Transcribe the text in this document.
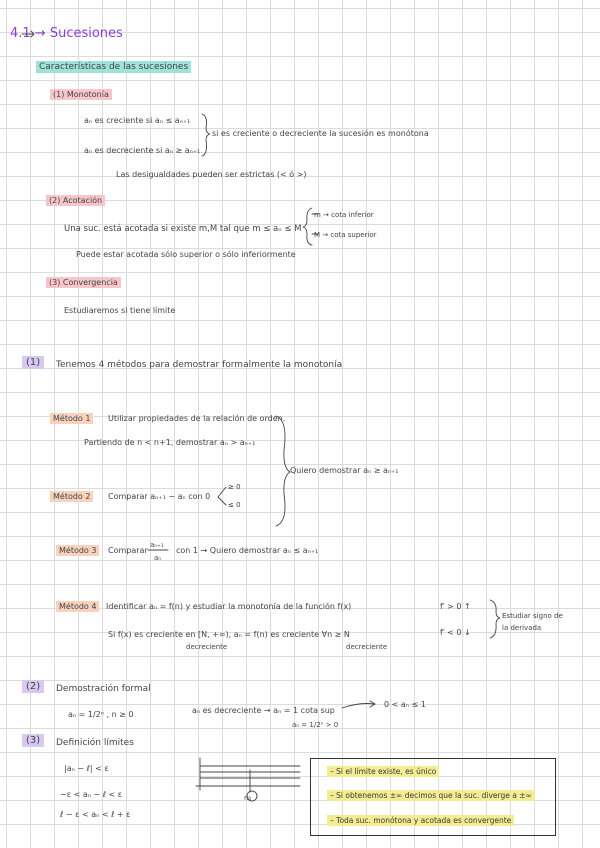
4.1 → Sucesiones
Características de las sucesiones
(1) Monotonía
aₙ es creciente si aₙ ≤ aₙ₊₁
aₙ es decreciente si aₙ ≥ aₙ₊₁
si es creciente o decreciente la sucesión es monótona
Las desigualdades pueden ser estrictas (< ó >)
(2) Acotación
Una suc. está acotada si existe m,M tal que m ≤ aₙ ≤ M
m → cota inferior
M → cota superior
Puede estar acotada sólo superior o sólo inferiormente
(3) Convergencia
Estudiaremos si tiene límite
(1)	Tenemos 4 métodos para demostrar formalmente la monotonía
Método 1	Utilizar propiedades de la relación de orden.
Partiendo de n < n+1, demostrar aₙ > aₙ₊₁
Método 2	Comparar aₙ₊₁ − aₙ con 0
≥ 0
≤ 0
Quiero demostrar aₙ ≥ aₙ₊₁
Método 3	Comparar
aₙ₊₁
aₙ
con 1 → Quiero demostrar aₙ ≤ aₙ₊₁
Método 4	Identificar aₙ = f(n) y estudiar la monotonía de la función f(x)
Si f(x) es creciente en [N, +∞), aₙ = f(n) es creciente ∀n ≥ N
decreciente	decreciente
f′ > 0 ↑
f′ < 0 ↓
Estudiar signo de
la derivada
(2)	Demostración formal
aₙ = 1/2ⁿ , n ≥ 0	aₙ es decreciente → aₙ = 1 cota sup
aₙ = 1/2ⁿ > 0
0 < aₙ ≤ 1
(3)	Definición límites
|aₙ − ℓ| < ε
−ε < aₙ − ℓ < ε
ℓ − ε < aₙ < ℓ + ε
n₀
– Si el límite existe, es único
– Si obtenemos ±∞ decimos que la suc. diverge a ±∞
– Toda suc. monótona y acotada es convergente
